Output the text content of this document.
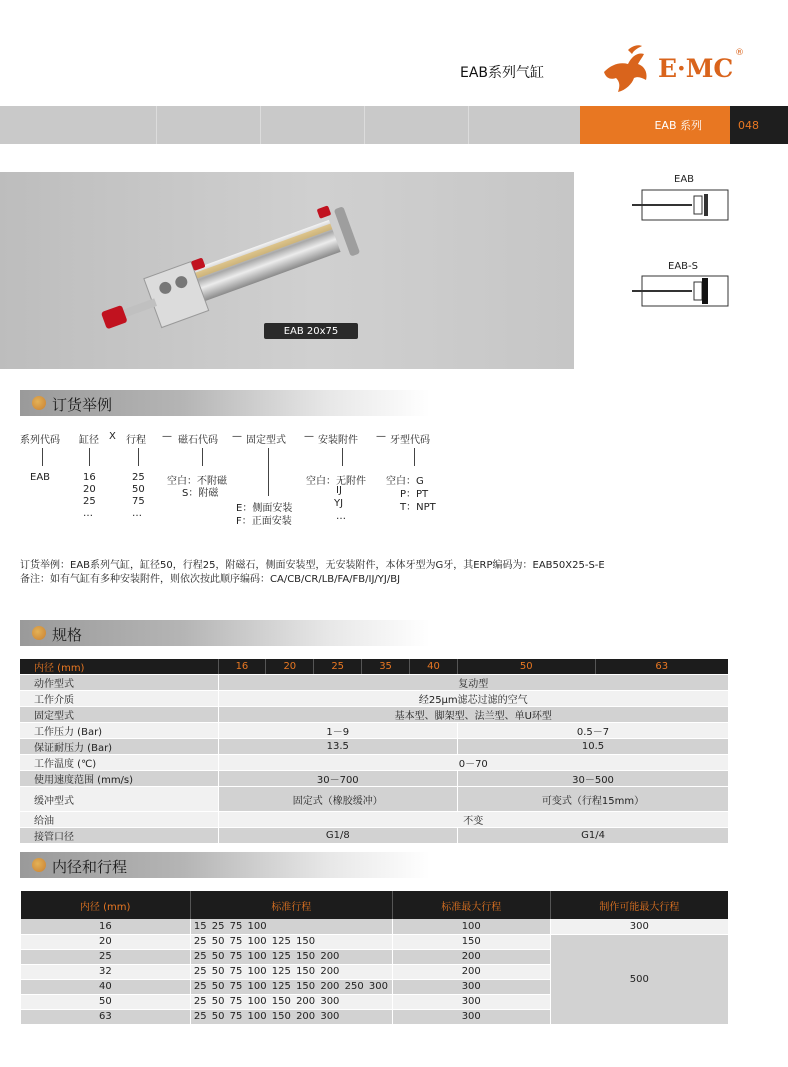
EAB系列气缸	E·MC
®
EAB 系列	048
EAB 20x75
EAB
EAB-S
订货举例
系列代码 缸径 X 行程 — 磁石代码 — 固定型式 — 安装附件 — 牙型代码
EAB	16
20
25
…
25
50
75
…
空白：不附磁
S：附磁
E：侧面安装
F：正面安装
空白：无附件
IJ
YJ
…
空白：G
P：PT
T：NPT
订货举例：EAB系列气缸，缸径50，行程25，附磁石，侧面安装型，无安装附件，本体牙型为G牙，其ERP编码为：EAB50X25-S-E
备注：如有气缸有多种安装附件，则依次按此顺序编码：CA/CB/CR/LB/FA/FB/IJ/YJ/BJ
规格
内径 (mm)	16	20	25	35	40	50	63
动作型式	复动型						
工作介质	经25μm滤芯过滤的空气						
固定型式	基本型、脚架型、法兰型、单U环型						
工作压力 (Bar)	1－9					0.5－7	
保证耐压力 (Bar)	13.5					10.5	
工作温度 (℃)	0－70						
使用速度范围 (mm/s)	30－700					30－500	
缓冲型式	固定式（橡胶缓冲）					可变式（行程15mm）	
给油	不变						
接管口径	G1/8					G1/4	
内径和行程
内径 (mm)	标准行程	标准最大行程	制作可能最大行程
16	15 25 75 100	100	300
20	25 50 75 100 125 150	150	500
25	25 50 75 100 125 150 200	200	
32	25 50 75 100 125 150 200	200	
40	25 50 75 100 125 150 200 250 300	300	
50	25 50 75 100 150 200 300	300	
63	25 50 75 100 150 200 300	300	
